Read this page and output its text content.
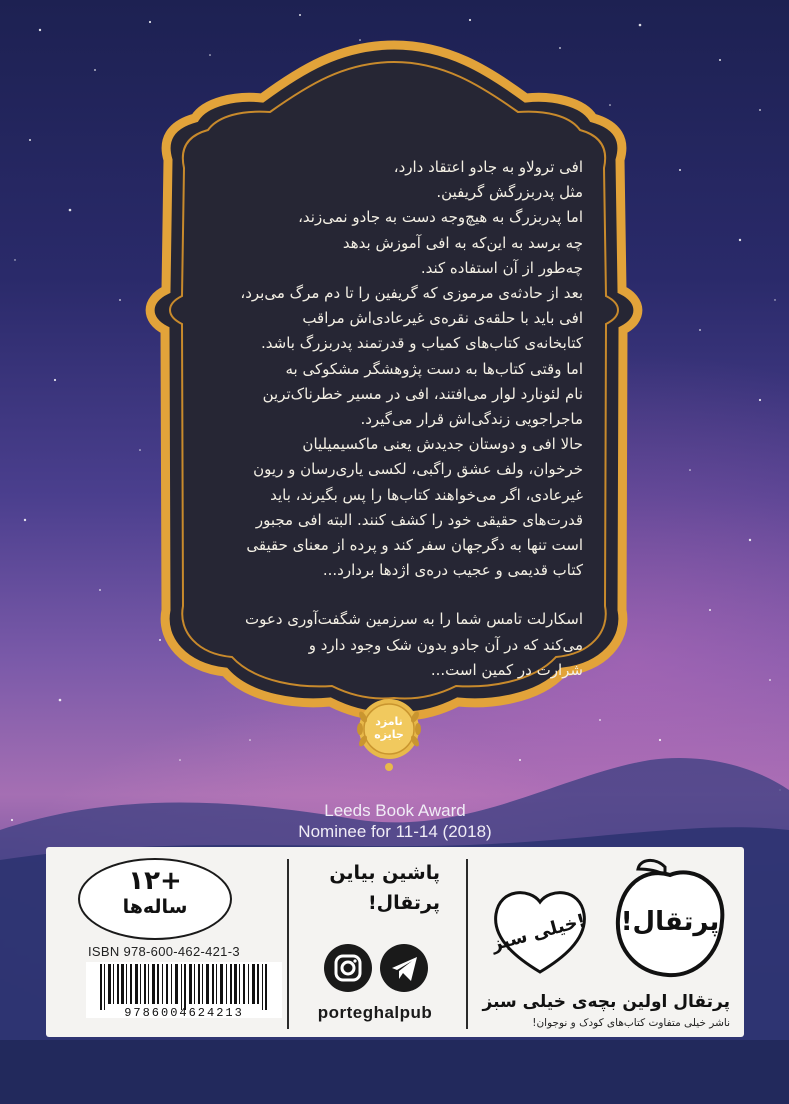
افی ترولاو به جادو اعتقاد دارد،
مثل پدربزرگش گریفین.
اما پدربزرگ به هیچ‌وجه دست به جادو نمی‌زند،
چه برسد به این‌که به افی آموزش بدهد
چه‌طور از آن استفاده کند.
بعد از حادثه‌ی مرموزی که گریفین را تا دم مرگ می‌برد،
افی باید با حلقه‌ی نقره‌ی غیرعادی‌اش مراقب
کتابخانه‌ی کتاب‌های کمیاب و قدرتمند پدربزرگ باشد.
اما وقتی کتاب‌ها به دست پژوهشگر مشکوکی به
نام لئونارد لوار می‌افتند، افی در مسیر خطرناک‌ترین
ماجراجویی زندگی‌اش قرار می‌گیرد.
حالا افی و دوستان جدیدش یعنی ماکسیمیلیان
خرخوان، ولف عشق راگبی، لکسی یاری‌رسان و ریون
غیرعادی، اگر می‌خواهند کتاب‌ها را پس بگیرند، باید
قدرت‌های حقیقی خود را کشف کنند. البته افی مجبور
است تنها به دگرجهان سفر کند و پرده از معنای حقیقی
کتاب قدیمی و عجیب دره‌ی اژدها بردارد...

اسکارلت تامس شما را به سرزمین شگفت‌آوری دعوت
می‌کند که در آن جادو بدون شک وجود دارد و
شرارت در کمین است...

نامزد
جایزه
Leeds Book Award
Nominee for 11-14 (2018)
+۱۲
ساله‌ها
ISBN 978-600-462-421-3
9786004624213
پاشین بیاین
پرتقال!
porteghalpub
پرتقال!
خیلی سبز!
پرتقال اولین بچه‌ی خیلی سبز
ناشر خیلی متفاوت کتاب‌های کودک و نوجوان!
